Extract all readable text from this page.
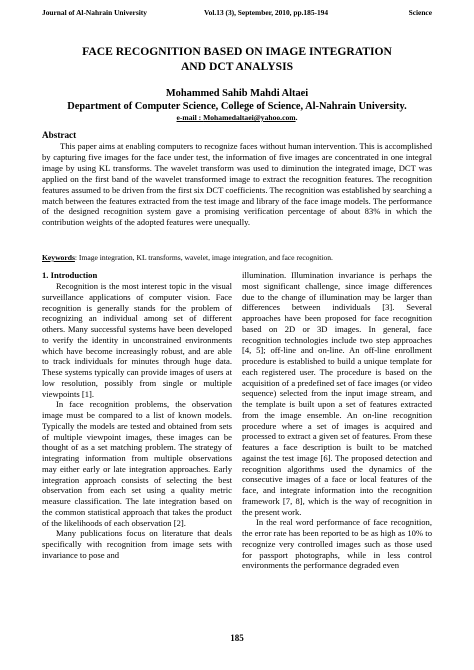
Journal of Al-Nahrain University	Vol.13 (3), September, 2010, pp.185-194	Science
FACE RECOGNITION BASED ON IMAGE INTEGRATION
AND DCT ANALYSIS
Mohammed Sahib Mahdi Altaei
Department of Computer Science, College of Science, Al-Nahrain University.
e-mail : Mohamedaltaei@yahoo.com.
Abstract

This paper aims at enabling computers to recognize faces without human intervention. This is accomplished by capturing five images for the face under test, the information of five images are concentrated in one integral image by using KL transforms. The wavelet transform was used to diminution the integrated image, DCT was applied on the first band of the wavelet transformed image to extract the recognition features. The recognition features assumed to be driven from the first six DCT coefficients. The recognition was established by searching a match between the features extracted from the test image and library of the face image models. The performance of the designed recognition system gave a promising verification percentage of about 83% in which the contribution weights of the adopted features were unequally.

Keywords: Image integration, KL transforms, wavelet, image integration, and face recognition.

1. Introduction

Recognition is the most interest topic in the visual surveillance applications of computer vision. Face recognition is generally stands for the problem of recognizing an individual among set of different others. Many successful systems have been developed to verify the identity in unconstrained environments which have become increasingly robust, and are able to track individuals for minutes through huge data. These systems typically can provide images of users at low resolution, possibly from single or multiple viewpoints [1].

In face recognition problems, the observation image must be compared to a list of known models. Typically the models are tested and obtained from sets of multiple viewpoint images, these images can be thought of as a set matching problem. The strategy of integrating information from multiple observations may either early or late integration approaches. Early integration approach consists of selecting the best observation from each set using a quality metric measure classification. The late integration based on the common statistical approach that takes the product of the likelihoods of each observation [2].

Many publications focus on literature that deals specifically with recognition from image sets with invariance to pose and

illumination. Illumination invariance is perhaps the most significant challenge, since image differences due to the change of illumination may be larger than differences between individuals [3]. Several approaches have been proposed for face recognition based on 2D or 3D images. In general, face recognition technologies include two step approaches [4, 5]; off-line and on-line. An off-line enrollment procedure is established to build a unique template for each registered user. The procedure is based on the acquisition of a predefined set of face images (or video sequence) selected from the input image stream, and the template is built upon a set of features extracted from the image ensemble. An on-line recognition procedure where a set of images is acquired and processed to extract a given set of features. From these features a face description is built to be matched against the test image [6]. The proposed detection and recognition algorithms used the dynamics of the consecutive images of a face or local features of the face, and integrate information into the recognition framework [7, 8], which is the way of recognition in the present work.

In the real word performance of face recognition, the error rate has been reported to be as high as 10% to recognize very controlled images such as those used for passport photographs, while in less control environments the performance degraded even

185
